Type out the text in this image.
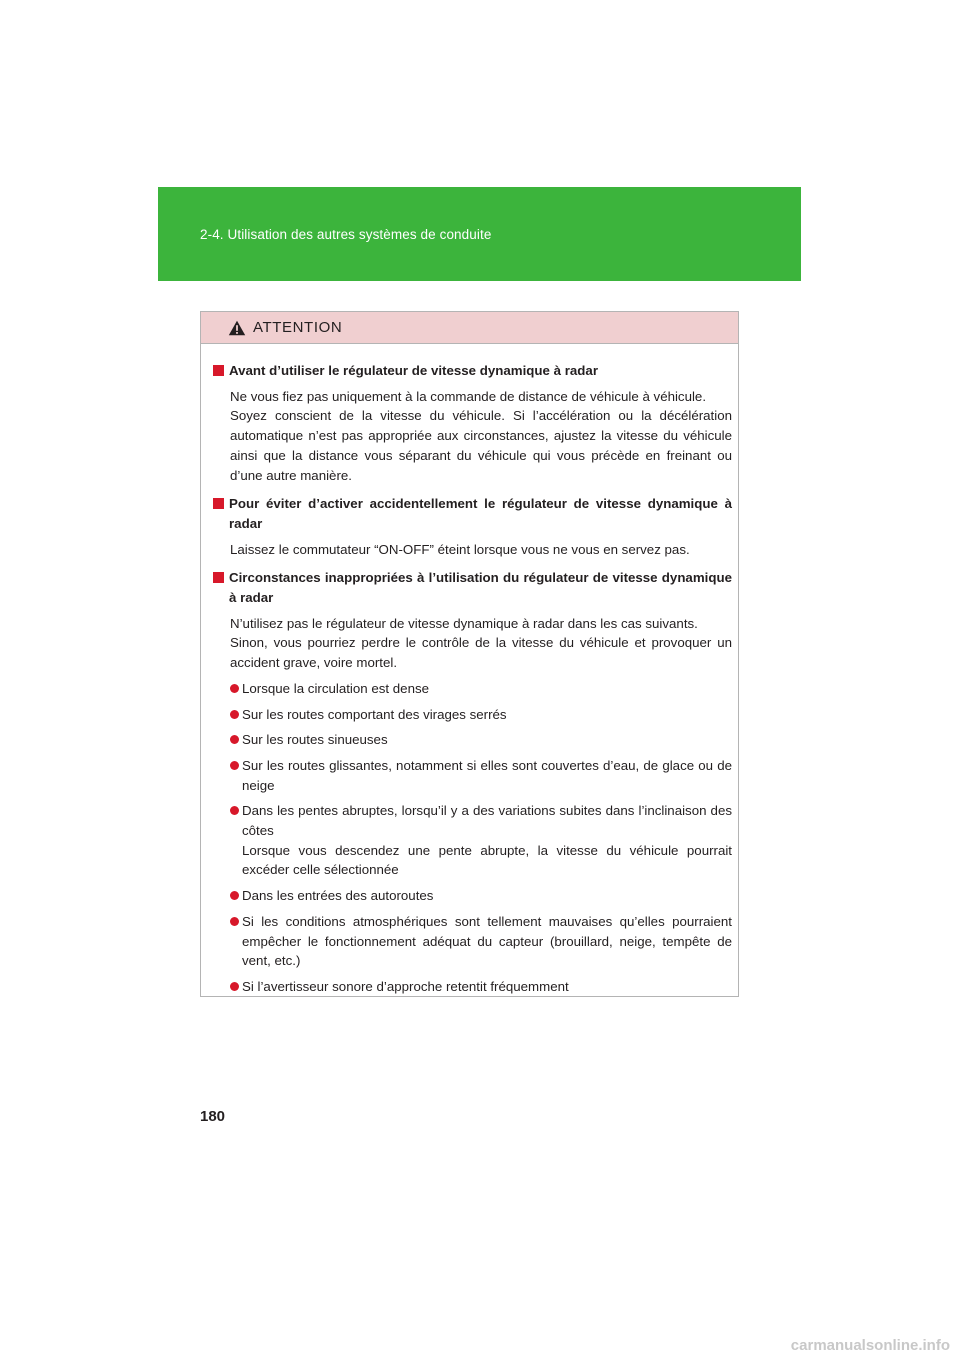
2-4. Utilisation des autres systèmes de conduite
ATTENTION
Avant d’utiliser le régulateur de vitesse dynamique à radar

Ne vous fiez pas uniquement à la commande de distance de véhicule à véhicule.

Soyez conscient de la vitesse du véhicule. Si l’accélération ou la décélération automatique n’est pas appropriée aux circonstances, ajustez la vitesse du véhicule ainsi que la distance vous séparant du véhicule qui vous précède en freinant ou d’une autre manière.

Pour éviter d’activer accidentellement le régulateur de vitesse dynamique à radar

Laissez le commutateur “ON-OFF” éteint lorsque vous ne vous en servez pas.

Circonstances inappropriées à l’utilisation du régulateur de vitesse dynamique à radar

N’utilisez pas le régulateur de vitesse dynamique à radar dans les cas suivants.

Sinon, vous pourriez perdre le contrôle de la vitesse du véhicule et provoquer un accident grave, voire mortel.

Lorsque la circulation est dense

Sur les routes comportant des virages serrés

Sur les routes sinueuses

Sur les routes glissantes, notamment si elles sont couvertes d’eau, de glace ou de neige

Dans les pentes abruptes, lorsqu’il y a des variations subites dans l’inclinaison des côtes

Lorsque vous descendez une pente abrupte, la vitesse du véhicule pourrait excéder celle sélectionnée

Dans les entrées des autoroutes

Si les conditions atmosphériques sont tellement mauvaises qu’elles pourraient empêcher le fonctionnement adéquat du capteur (brouillard, neige, tempête de vent, etc.)

Si l’avertisseur sonore d’approche retentit fréquemment

180
carmanualsonline.info
